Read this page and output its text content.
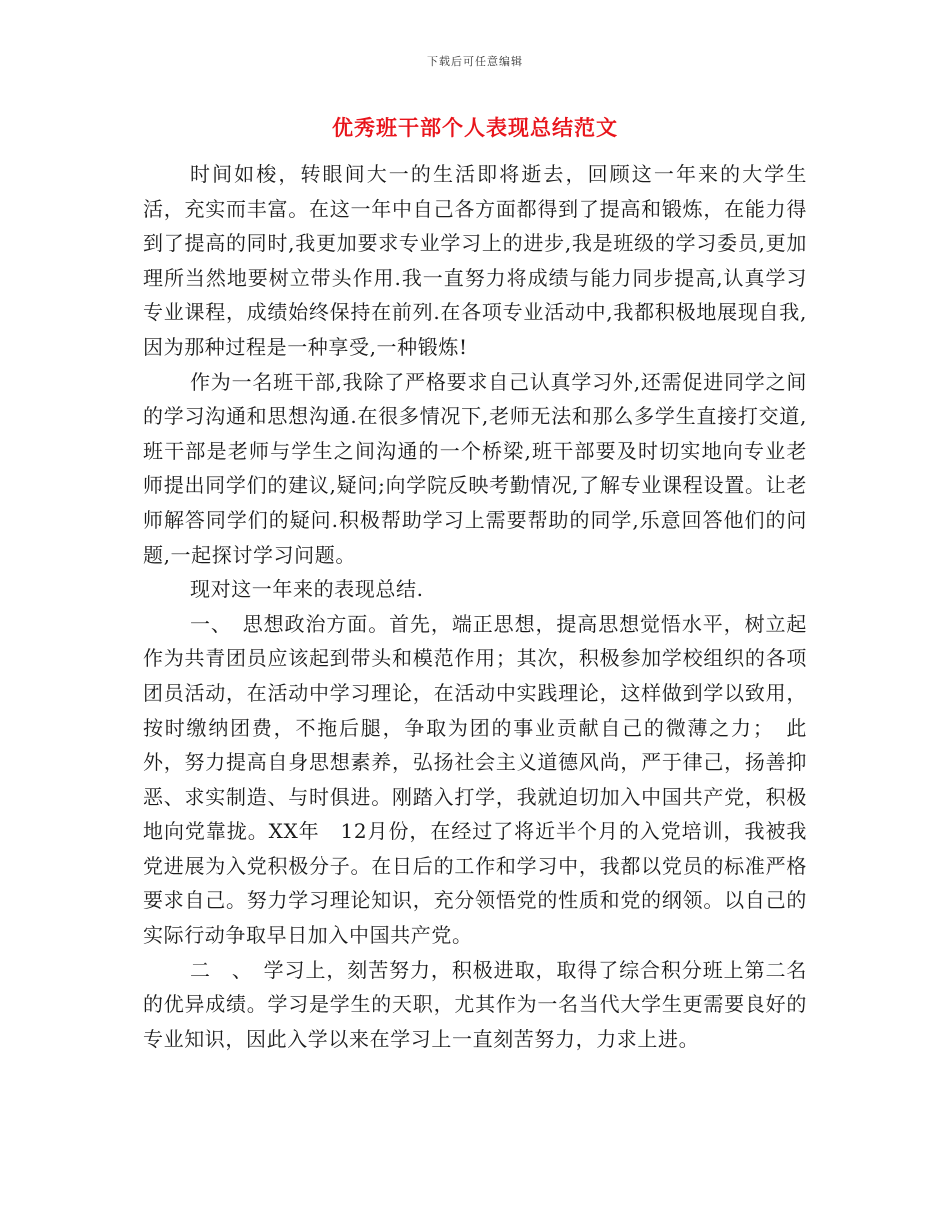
下载后可任意编辑
优秀班干部个人表现总结范文

时间如梭，转眼间大一的生活即将逝去，回顾这一年来的大学生活，充实而丰富。在这一年中自己各方面都得到了提高和锻炼，在能力得到了提高的同时,我更加要求专业学习上的进步,我是班级的学习委员,更加理所当然地要树立带头作用.我一直努力将成绩与能力同步提高,认真学习专业课程，成绩始终保持在前列.在各项专业活动中,我都积极地展现自我,因为那种过程是一种享受,一种锻炼!

作为一名班干部,我除了严格要求自己认真学习外,还需促进同学之间的学习沟通和思想沟通.在很多情况下,老师无法和那么多学生直接打交道,班干部是老师与学生之间沟通的一个桥梁,班干部要及时切实地向专业老师提出同学们的建议,疑问;向学院反映考勤情况,了解专业课程设置。让老师解答同学们的疑问.积极帮助学习上需要帮助的同学,乐意回答他们的问题,一起探讨学习问题。

现对这一年来的表现总结.

一、　思想政治方面。首先，端正思想，提高思想觉悟水平，树立起作为共青团员应该起到带头和模范作用；其次，积极参加学校组织的各项团员活动，在活动中学习理论，在活动中实践理论，这样做到学以致用，按时缴纳团费，不拖后腿，争取为团的事业贡献自己的微薄之力；　此外，努力提高自身思想素养，弘扬社会主义道德风尚，严于律己，扬善抑恶、求实制造、与时俱进。刚踏入打学，我就迫切加入中国共产党，积极地向党靠拢。XX年　12月份，在经过了将近半个月的入党培训，我被我党进展为入党积极分子。在日后的工作和学习中，我都以党员的标准严格要求自己。努力学习理论知识，充分领悟党的性质和党的纲领。以自己的实际行动争取早日加入中国共产党。

二　、　学习上，刻苦努力，积极进取，取得了综合积分班上第二名的优异成绩。学习是学生的天职，尤其作为一名当代大学生更需要良好的专业知识，因此入学以来在学习上一直刻苦努力，力求上进。
